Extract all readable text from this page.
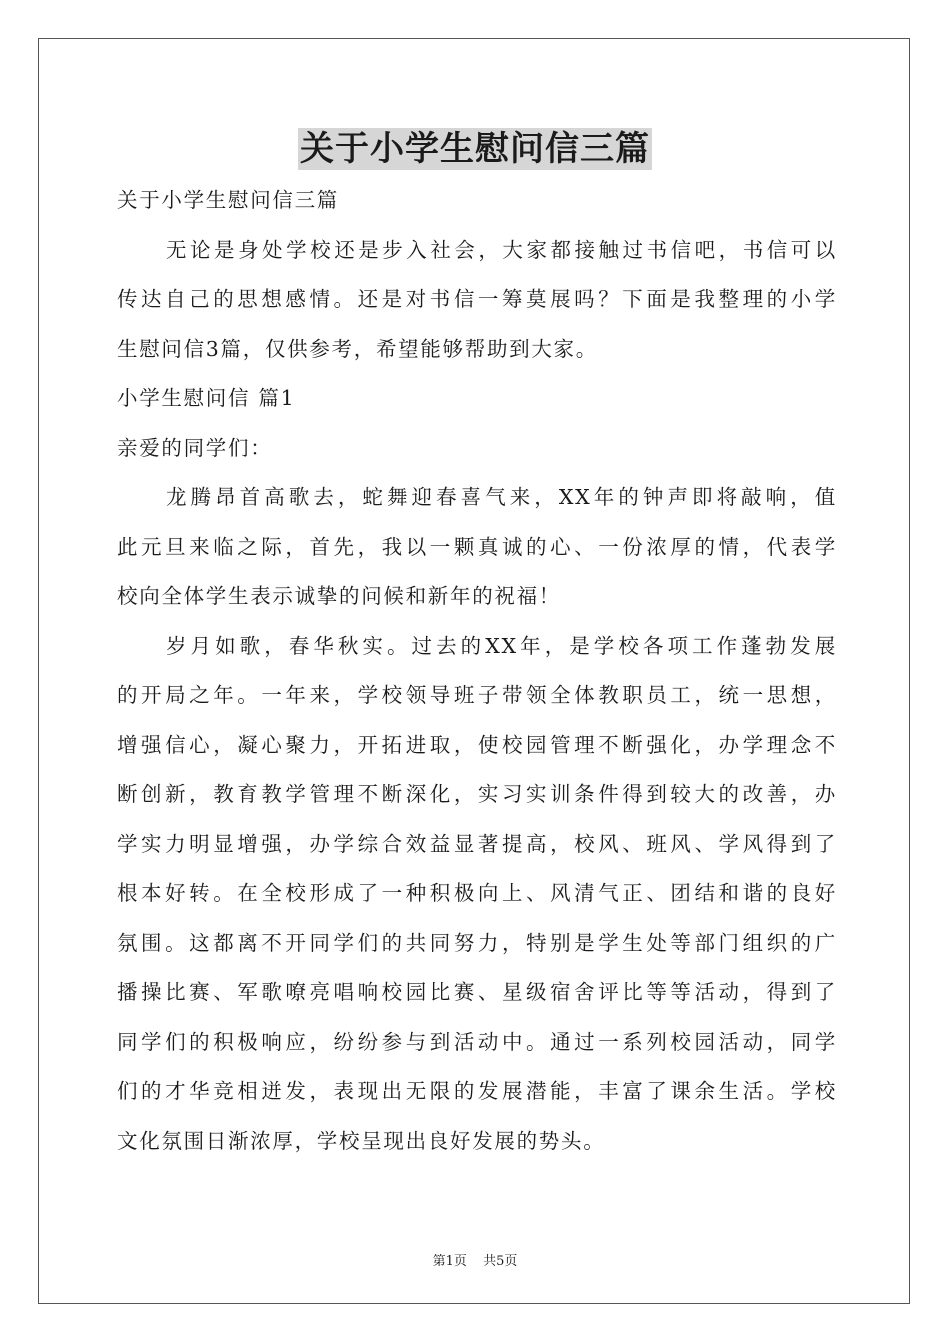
关于小学生慰问信三篇
关于小学生慰问信三篇
无论是身处学校还是步入社会，大家都接触过书信吧，书信可以
传达自己的思想感情。还是对书信一筹莫展吗？下面是我整理的小学
生慰问信3篇，仅供参考，希望能够帮助到大家。
小学生慰问信 篇1
亲爱的同学们：
龙腾昂首高歌去，蛇舞迎春喜气来，XX年的钟声即将敲响，值
此元旦来临之际，首先，我以一颗真诚的心、一份浓厚的情，代表学
校向全体学生表示诚挚的问候和新年的祝福！
岁月如歌，春华秋实。过去的XX年，是学校各项工作蓬勃发展
的开局之年。一年来，学校领导班子带领全体教职员工，统一思想，
增强信心，凝心聚力，开拓进取，使校园管理不断强化，办学理念不
断创新，教育教学管理不断深化，实习实训条件得到较大的改善，办
学实力明显增强，办学综合效益显著提高，校风、班风、学风得到了
根本好转。在全校形成了一种积极向上、风清气正、团结和谐的良好
氛围。这都离不开同学们的共同努力，特别是学生处等部门组织的广
播操比赛、军歌嘹亮唱响校园比赛、星级宿舍评比等等活动，得到了
同学们的积极响应，纷纷参与到活动中。通过一系列校园活动，同学
们的才华竞相迸发，表现出无限的发展潜能，丰富了课余生活。学校
文化氛围日渐浓厚，学校呈现出良好发展的势头。
第1页 共5页
